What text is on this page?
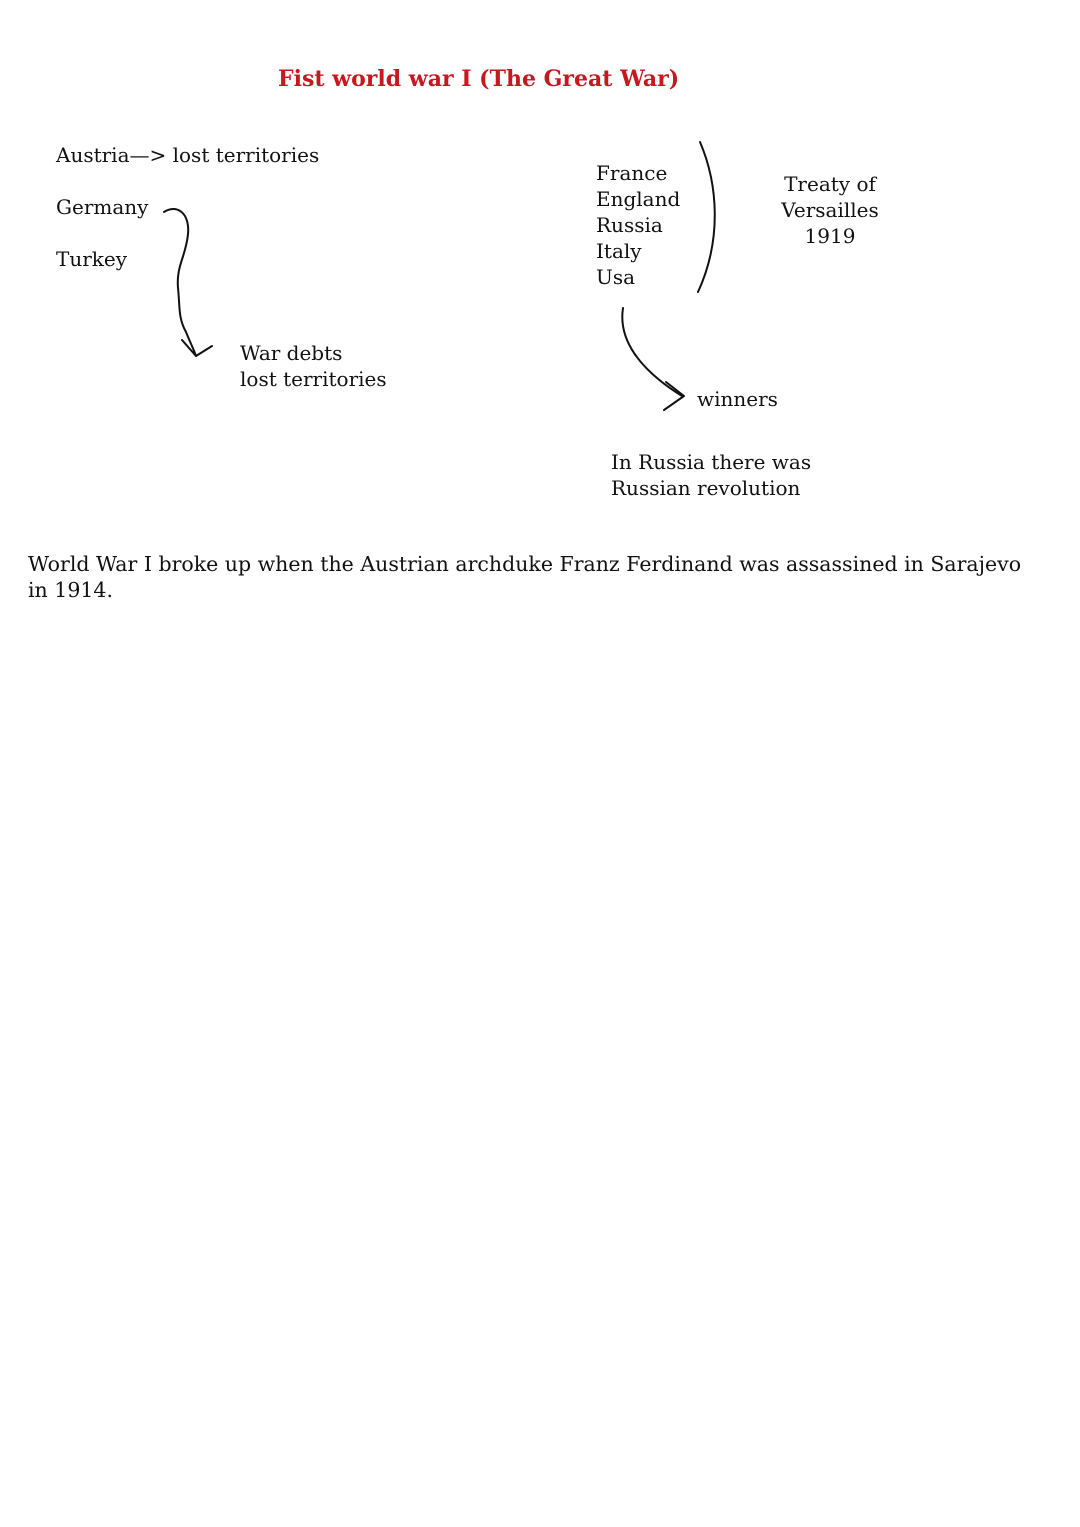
Fist world war I (The Great War)
Austria—> lost territories
Germany
Turkey
War debts
lost territories
France
England
Russia
Italy
Usa
Treaty of
Versailles
1919
winners
In Russia there was
Russian revolution
World War I broke up when the Austrian archduke Franz Ferdinand was assassined in Sarajevo in 1914.
